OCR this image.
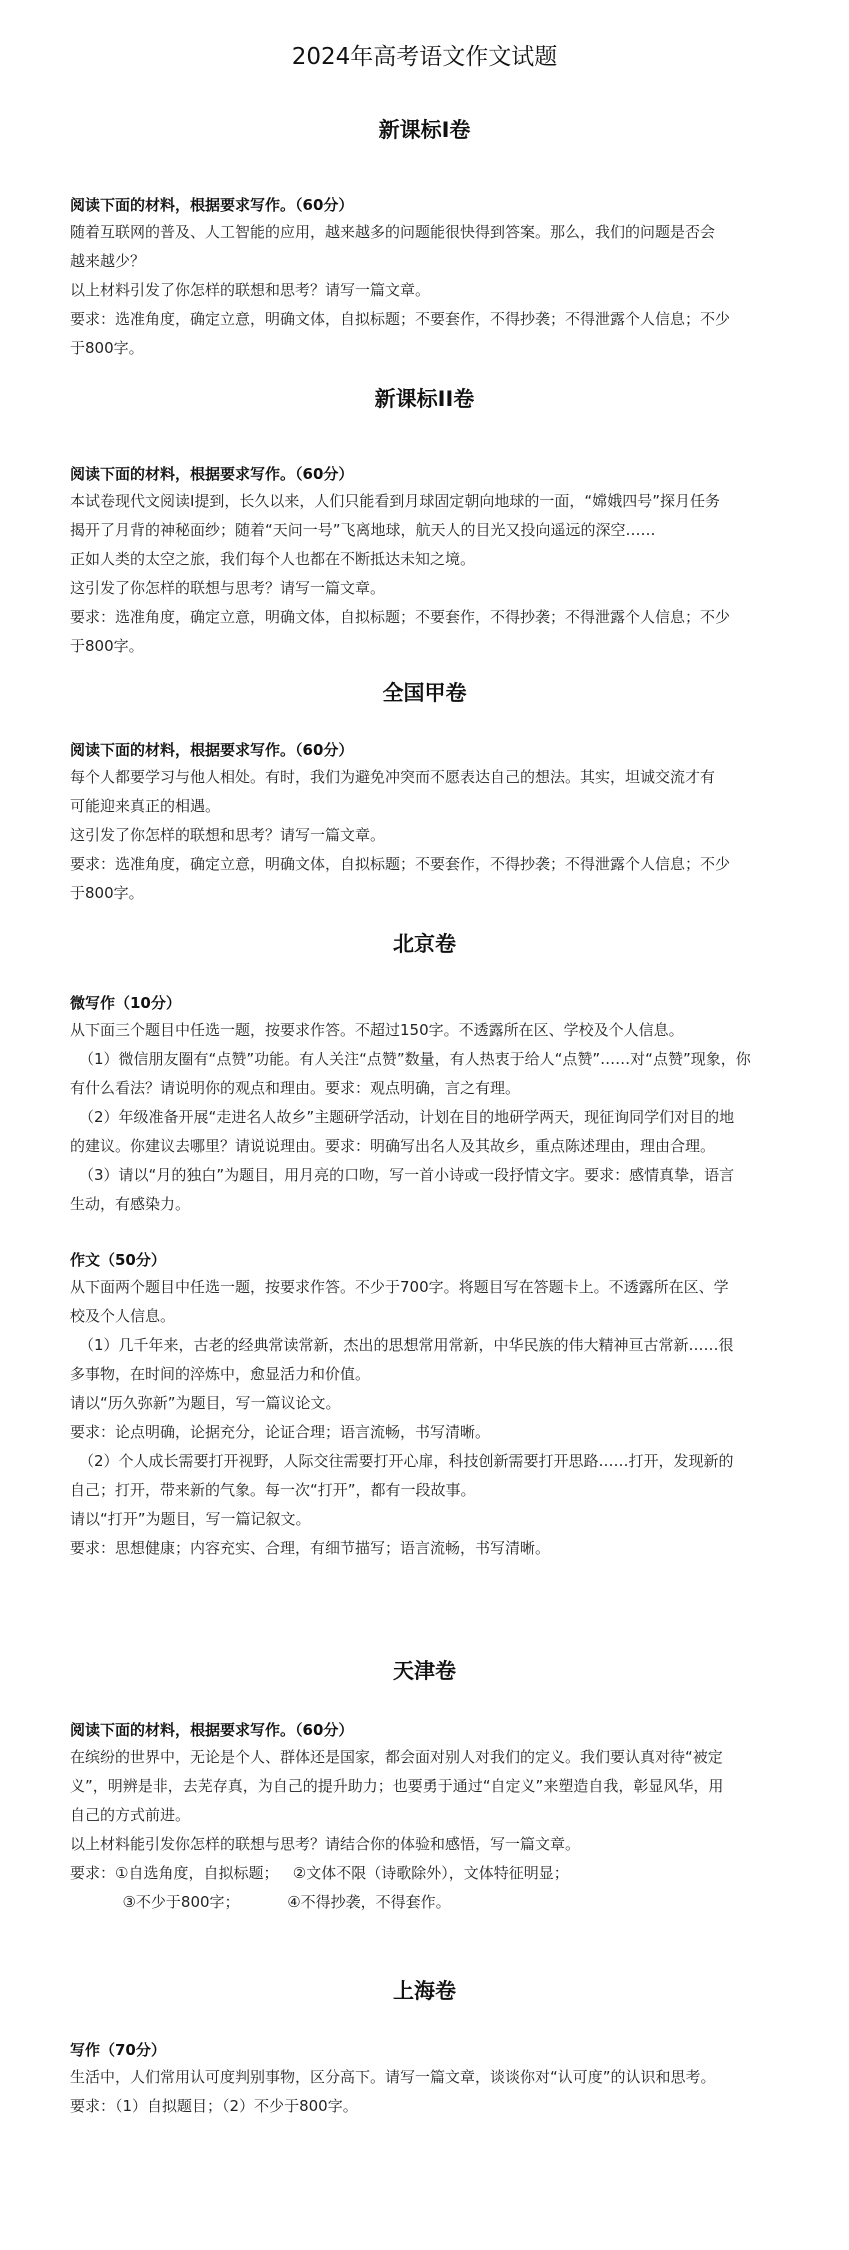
2024年高考语文作文试题
新课标I卷

阅读下面的材料，根据要求写作。（60分）

随着互联网的普及、人工智能的应用，越来越多的问题能很快得到答案。那么，我们的问题是否会

越来越少？

以上材料引发了你怎样的联想和思考？请写一篇文章。

要求：选准角度，确定立意，明确文体，自拟标题；不要套作，不得抄袭；不得泄露个人信息；不少

于800字。

新课标II卷

阅读下面的材料，根据要求写作。（60分）

本试卷现代文阅读I提到，长久以来，人们只能看到月球固定朝向地球的一面，“嫦娥四号”探月任务

揭开了月背的神秘面纱；随着“天问一号”飞离地球，航天人的目光又投向遥远的深空……

正如人类的太空之旅，我们每个人也都在不断抵达未知之境。

这引发了你怎样的联想与思考？请写一篇文章。

要求：选准角度，确定立意，明确文体，自拟标题；不要套作，不得抄袭；不得泄露个人信息；不少

于800字。

全国甲卷

阅读下面的材料，根据要求写作。（60分）

每个人都要学习与他人相处。有时，我们为避免冲突而不愿表达自己的想法。其实，坦诚交流才有

可能迎来真正的相遇。

这引发了你怎样的联想和思考？请写一篇文章。

要求：选准角度，确定立意，明确文体，自拟标题；不要套作，不得抄袭；不得泄露个人信息；不少

于800字。

北京卷

微写作（10分）

从下面三个题目中任选一题，按要求作答。不超过150字。不透露所在区、学校及个人信息。

（1）微信朋友圈有“点赞”功能。有人关注“点赞”数量，有人热衷于给人“点赞”……对“点赞”现象，你

有什么看法？请说明你的观点和理由。要求：观点明确，言之有理。

（2）年级准备开展“走进名人故乡”主题研学活动，计划在目的地研学两天，现征询同学们对目的地

的建议。你建议去哪里？请说说理由。要求：明确写出名人及其故乡，重点陈述理由，理由合理。

（3）请以“月的独白”为题目，用月亮的口吻，写一首小诗或一段抒情文字。要求：感情真挚，语言

生动，有感染力。

作文（50分）

从下面两个题目中任选一题，按要求作答。不少于700字。将题目写在答题卡上。不透露所在区、学

校及个人信息。

（1）几千年来，古老的经典常读常新，杰出的思想常用常新，中华民族的伟大精神亘古常新……很

多事物，在时间的淬炼中，愈显活力和价值。

请以“历久弥新”为题目，写一篇议论文。

要求：论点明确，论据充分，论证合理；语言流畅，书写清晰。

（2）个人成长需要打开视野，人际交往需要打开心扉，科技创新需要打开思路……打开，发现新的

自己；打开，带来新的气象。每一次“打开”，都有一段故事。

请以“打开”为题目，写一篇记叙文。

要求：思想健康；内容充实、合理，有细节描写；语言流畅，书写清晰。

天津卷

阅读下面的材料，根据要求写作。（60分）

在缤纷的世界中，无论是个人、群体还是国家，都会面对别人对我们的定义。我们要认真对待“被定

义”，明辨是非，去芜存真，为自己的提升助力；也要勇于通过“自定义”来塑造自我，彰显风华，用

自己的方式前进。

以上材料能引发你怎样的联想与思考？请结合你的体验和感悟，写一篇文章。

要求：①自选角度，自拟标题；   ②文体不限（诗歌除外），文体特征明显；

③不少于800字；          ④不得抄袭，不得套作。

上海卷

写作（70分）

生活中，人们常用认可度判别事物，区分高下。请写一篇文章，谈谈你对“认可度”的认识和思考。

要求：（1）自拟题目；（2）不少于800字。
